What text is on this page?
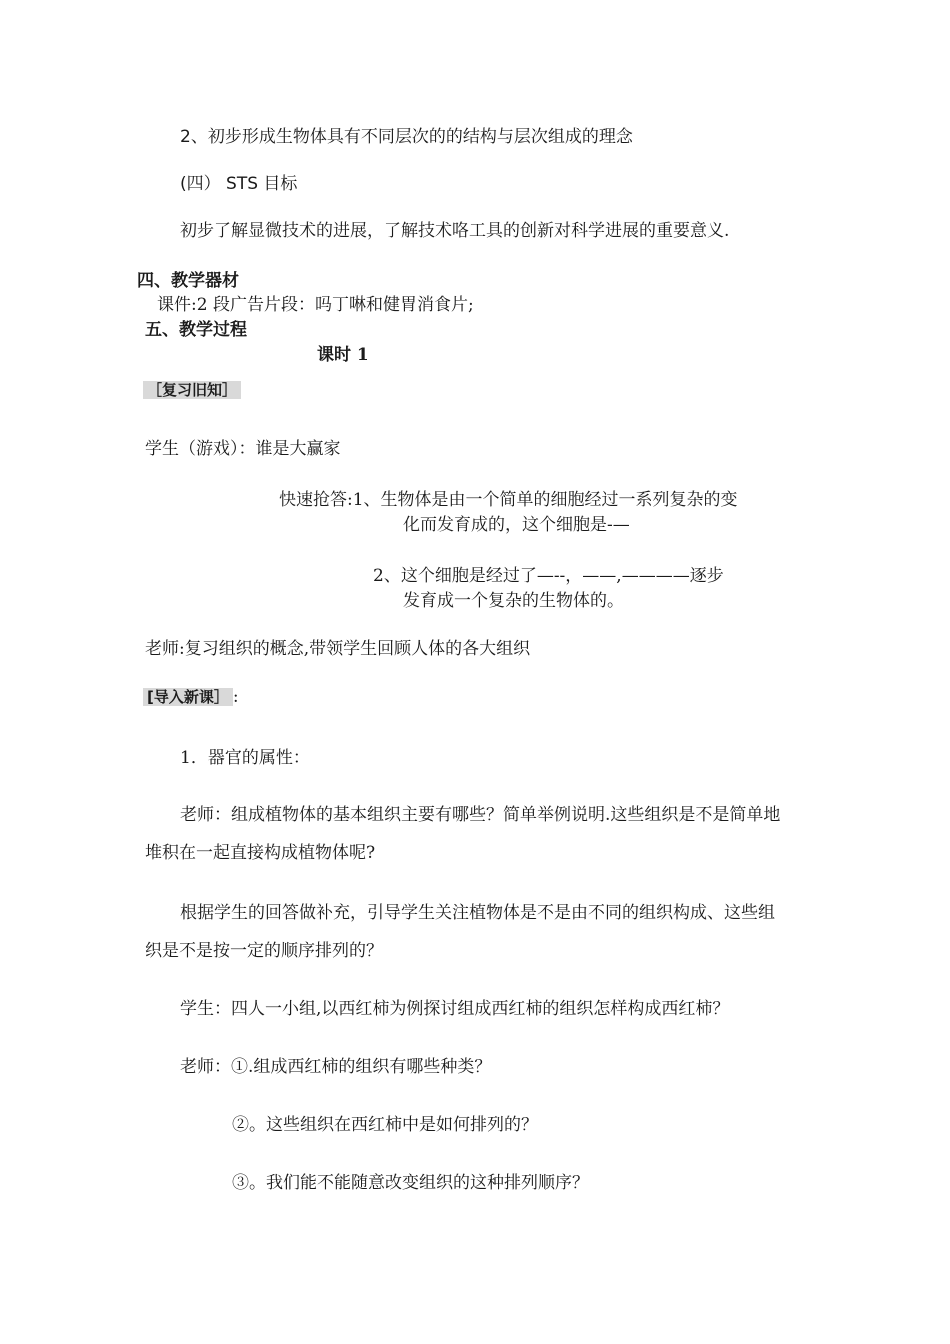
2、初步形成生物体具有不同层次的的结构与层次组成的理念
(四） STS 目标
初步了解显微技术的进展，了解技术咯工具的创新对科学进展的重要意义.
四、教学器材
课件:2 段广告片段：吗丁啉和健胃消食片;
五、教学过程
课时 1
［复习旧知］
学生（游戏）：谁是大赢家
快速抢答:1、生物体是由一个简单的细胞经过一系列复杂的变
化而发育成的，这个细胞是-—
2、这个细胞是经过了—--，——,————逐步
发育成一个复杂的生物体的。
老师:复习组织的概念,带领学生回顾人体的各大组织
[导入新课］ :
1．器官的属性：
老师：组成植物体的基本组织主要有哪些？简单举例说明.这些组织是不是简单地
堆积在一起直接构成植物体呢?
根据学生的回答做补充，引导学生关注植物体是不是由不同的组织构成、这些组
织是不是按一定的顺序排列的？
学生：四人一小组,以西红柿为例探讨组成西红柿的组织怎样构成西红柿？
老师：①.组成西红柿的组织有哪些种类？
②。这些组织在西红柿中是如何排列的？
③。我们能不能随意改变组织的这种排列顺序？
